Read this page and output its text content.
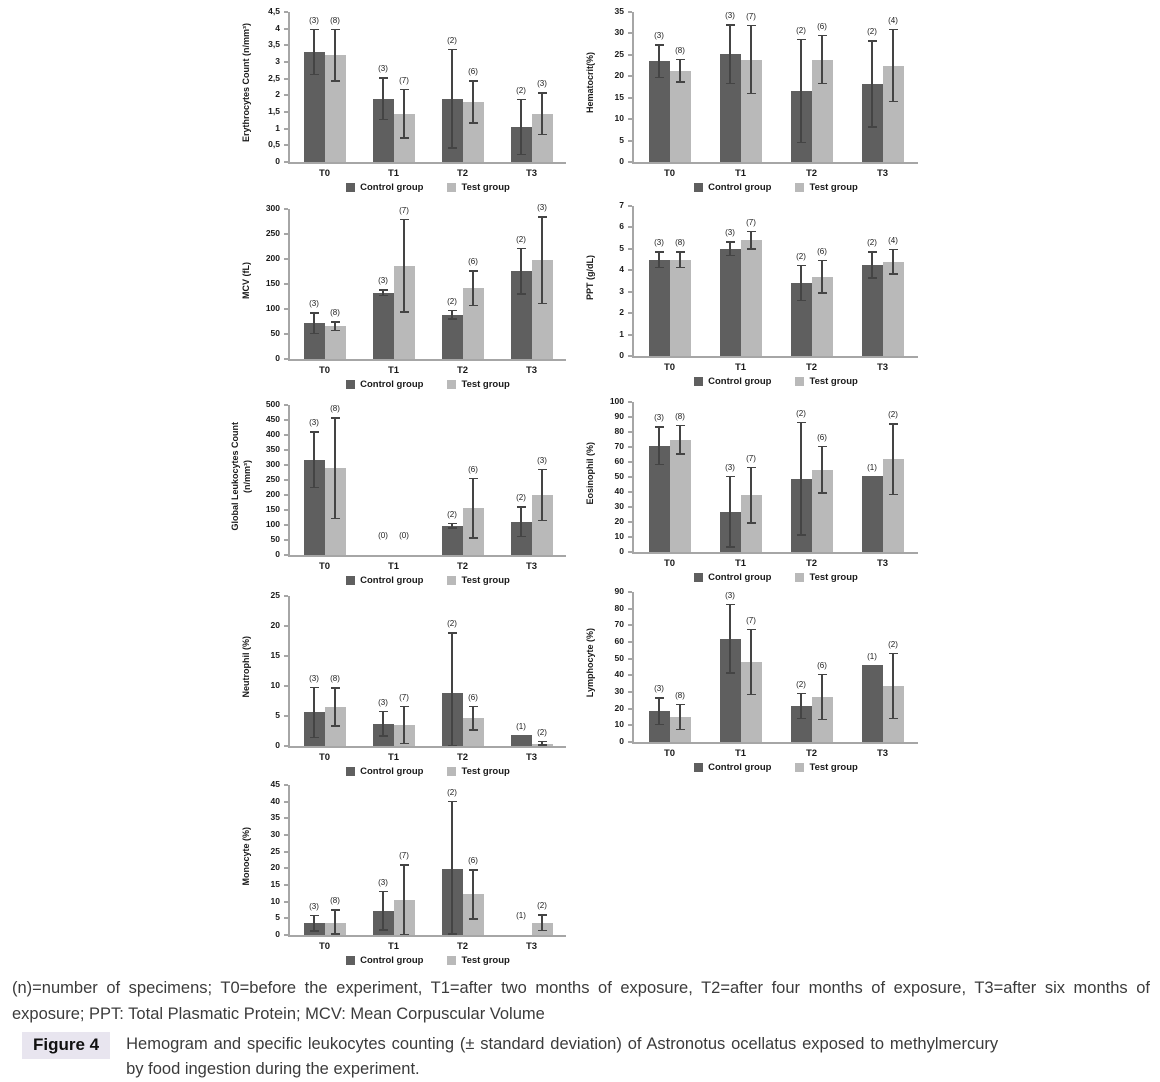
Erythrocytes Count (n/mm³)
0
0,5
1
1,5
2
2,5
3
3,5
4
4,5
(3)	(8)
(3)
(7)
(2)
(6)
(2)
(3)
T0	T1	T2	T3
Control group	Test group
Hematocrit(%)
0
5
10
15
20
25
30
35
(3)
(8)
(3)	(7)
(2)	(6)
(2)
(4)
T0	T1	T2	T3
Control group	Test group
MCV (fL)
0
50
100
150
200
250
300
(3)
(8)
(3)
(7)
(2)
(6)
(2)
(3)
T0	T1	T2	T3
Control group	Test group
PPT (g/dL)
0
1
2
3
4
5
6
7
(3)	(8)
(3)
(7)
(2)
(6)
(2)	(4)
T0	T1	T2	T3
Control group	Test group
Global Leukocytes Count (n/mm³)
0
50
100
150
200
250
300
350
400
450
500
(3)
(8)
(0)	(0)
(2)
(6)
(2)
(3)
T0	T1	T2	T3
Control group	Test group
Eosinophil (%)
0
10
20
30
40
50
60
70
80
90
100
(3)	(8)
(3)
(7)
(2)
(6)
(1)
(2)
T0	T1	T2	T3
Control group	Test group
Neutrophil (%)
0
5
10
15
20
25
(3)	(8)
(3)
(7)
(2)
(6)
(1)
(2)
T0	T1	T2	T3
Control group	Test group
Lymphocyte (%)
0
10
20
30
40
50
60
70
80
90
(3)
(8)
(3)
(7)
(2)
(6)
(1)
(2)
T0	T1	T2	T3
Control group	Test group
Monocyte (%)
0
5
10
15
20
25
30
35
40
45
(3)
(8)
(3)
(7)
(2)
(6)
(1)
(2)
T0	T1	T2	T3
Control group	Test group
(n)=number of specimens; T0=before the experiment, T1=after two months of exposure, T2=after four months of exposure, T3=after six months of exposure; PPT: Total Plasmatic Protein; MCV: Mean Corpuscular Volume
Figure 4	Hemogram and specific leukocytes counting (± standard deviation) of Astronotus ocellatus exposed to methylmercury by food ingestion during the experiment.
